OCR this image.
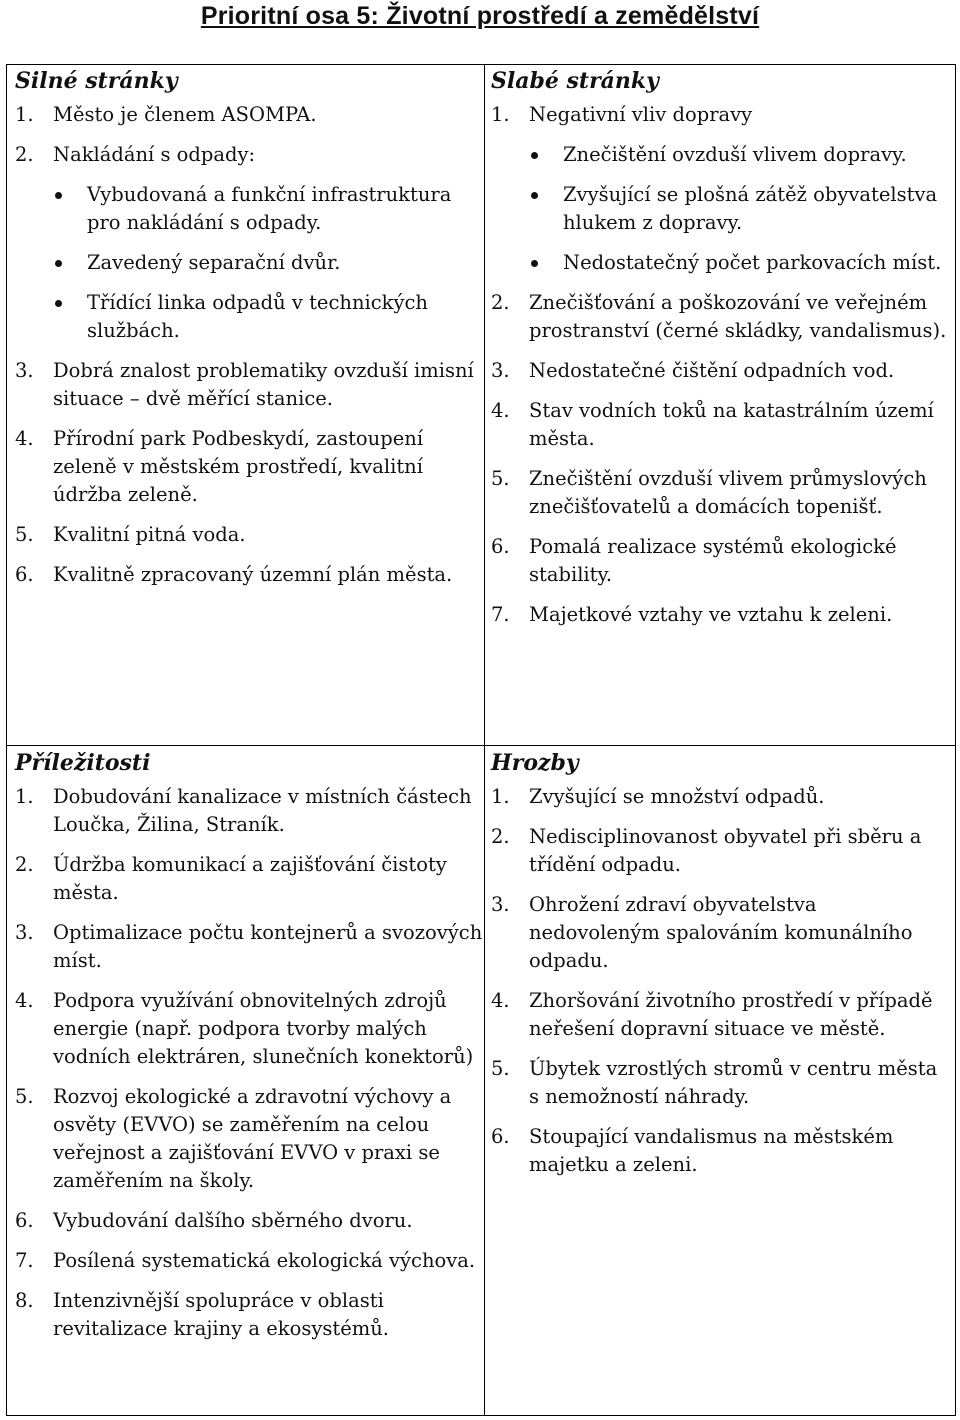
Prioritní osa 5: Životní prostředí a zemědělství
Silné stránky
1. Město je členem ASOMPA.
2. Nakládání s odpady:
Vybudovaná a funkční infrastruktura pro nakládání s odpady.
Zavedený separační dvůr.
Třídící linka odpadů v technických službách.
3. Dobrá znalost problematiky ovzduší imisní situace – dvě měřící stanice.
4. Přírodní park Podbeskydí, zastoupení zeleně v městském prostředí, kvalitní údržba zeleně.
5. Kvalitní pitná voda.
6. Kvalitně zpracovaný územní plán města.
Slabé stránky
1. Negativní vliv dopravy
Znečištění ovzduší vlivem dopravy.
Zvyšující se plošná zátěž obyvatelstva hlukem z dopravy.
Nedostatečný počet parkovacích míst.
2. Znečišťování a poškozování ve veřejném prostranství (černé skládky, vandalismus).
3. Nedostatečné čištění odpadních vod.
4. Stav vodních toků na katastrálním území města.
5. Znečištění ovzduší vlivem průmyslových znečišťovatelů a domácích topenišť.
6. Pomalá realizace systémů ekologické stability.
7. Majetkové vztahy ve vztahu k zeleni.
Příležitosti
1. Dobudování kanalizace v místních částech Loučka, Žilina, Straník.
2. Údržba komunikací a zajišťování čistoty města.
3. Optimalizace počtu kontejnerů a svozových míst.
4. Podpora využívání obnovitelných zdrojů energie (např. podpora tvorby malých vodních elektráren, slunečních konektorů)
5. Rozvoj ekologické a zdravotní výchovy a osvěty (EVVO) se zaměřením na celou veřejnost a zajišťování EVVO v praxi se zaměřením na školy.
6. Vybudování dalšího sběrného dvoru.
7. Posílená systematická ekologická výchova.
8. Intenzivnější spolupráce v oblasti revitalizace krajiny a ekosystémů.
Hrozby
1. Zvyšující se množství odpadů.
2. Nedisciplinovanost obyvatel při sběru a třídění odpadu.
3. Ohrožení zdraví obyvatelstva nedovoleným spalováním komunálního odpadu.
4. Zhoršování životního prostředí v případě neřešení dopravní situace ve městě.
5. Úbytek vzrostlých stromů v centru města s nemožností náhrady.
6. Stoupající vandalismus na městském majetku a zeleni.
